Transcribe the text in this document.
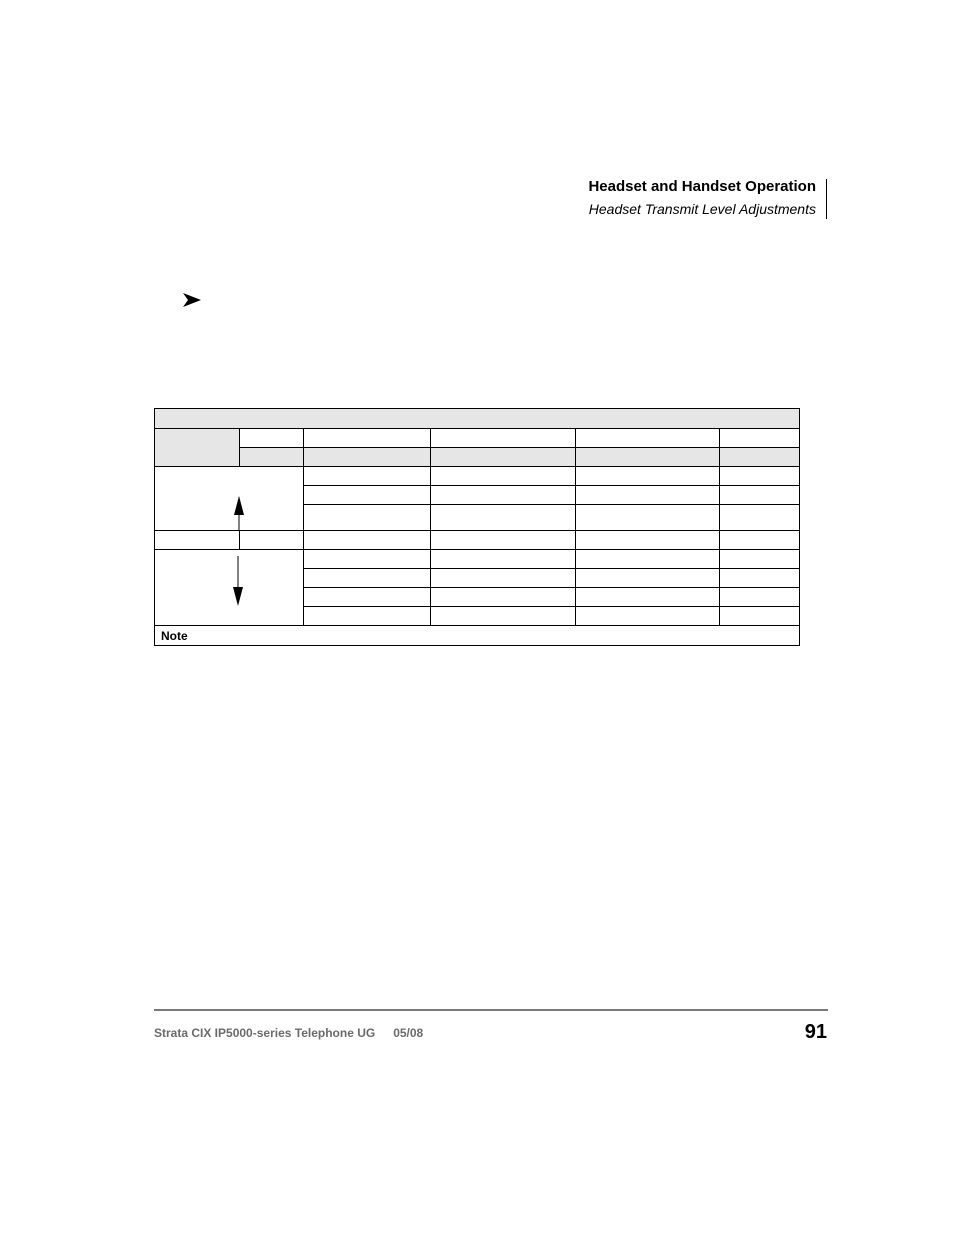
Headset and Handset Operation
Headset Transmit Level Adjustments

Note					
Strata CIX IP5000-series Telephone UG 05/08	91
